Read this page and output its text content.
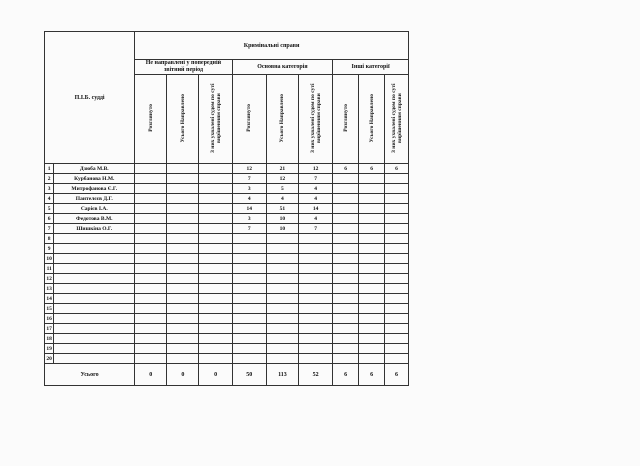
П.І.Б. судді		Кримінальні справи								
		Не направлені у попередній звітний період			Основна категорія			Інші категорії		
		Розглянуто	Усього Направлено	З них ухвалені судом по суті вирішенням справи	Розглянуто	Усього Направлено	З них ухвалені судом по суті вирішенням справи	Розглянуто	Усього Направлено	З них ухвалені судом по суті вирішенням справи
1	Дзюба М.В.				12	21	12	6	6	6
2	Курбанова Н.М.				7	12	7			
3	Митрофанова Є.Г.				3	5	4			
4	Пантелєєв Д.Г.				4	4	4			
5	Сарієв І.А.				14	51	14			
6	Федотова В.М.				3	10	4			
7	Шишкіна О.Г.				7	10	7			
8										
9										
10										
11										
12										
13										
14										
15										
16										
17										
18										
19										
20										
Усього		0	0	0	50	113	52	6	6	6
